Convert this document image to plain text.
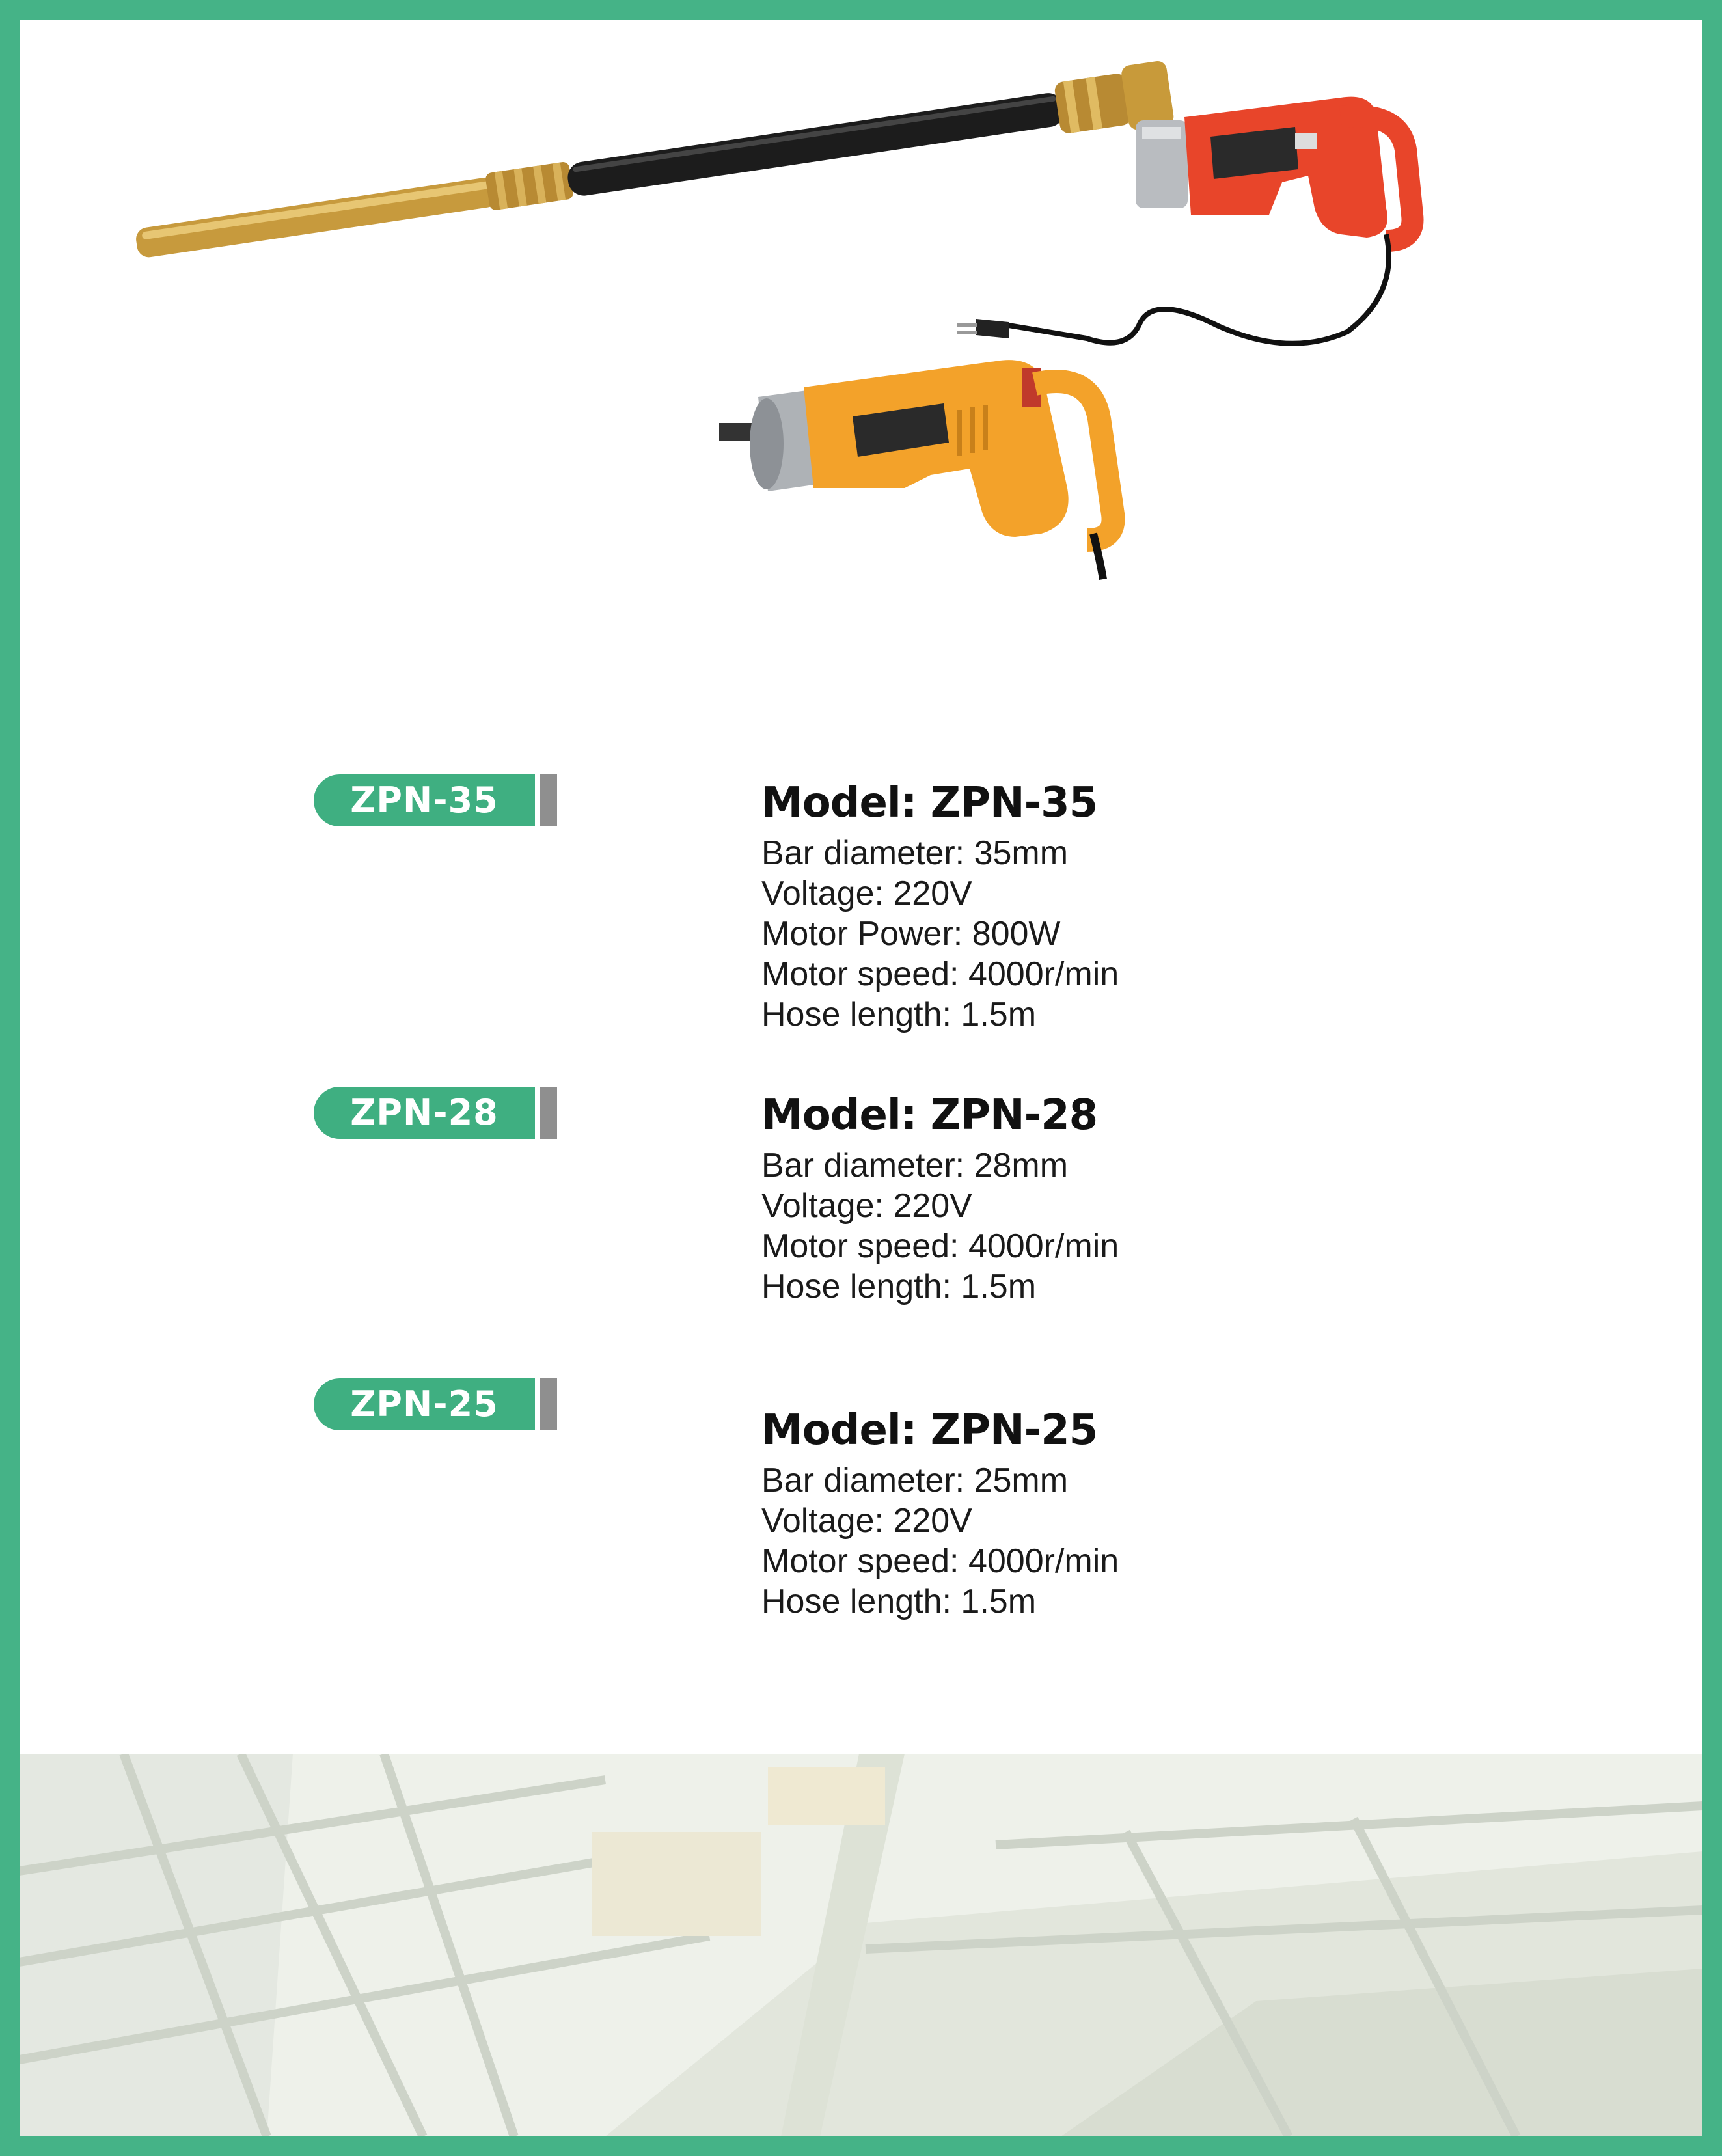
ZPN-35	Model: ZPN-35
Bar diameter: 35mm
Voltage: 220V
Motor Power: 800W
Motor speed: 4000r/min
Hose length: 1.5m
ZPN-28	Model: ZPN-28
Bar diameter: 28mm
Voltage: 220V
Motor speed: 4000r/min
Hose length: 1.5m
ZPN-25
Model: ZPN-25
Bar diameter: 25mm
Voltage: 220V
Motor speed: 4000r/min
Hose length: 1.5m
